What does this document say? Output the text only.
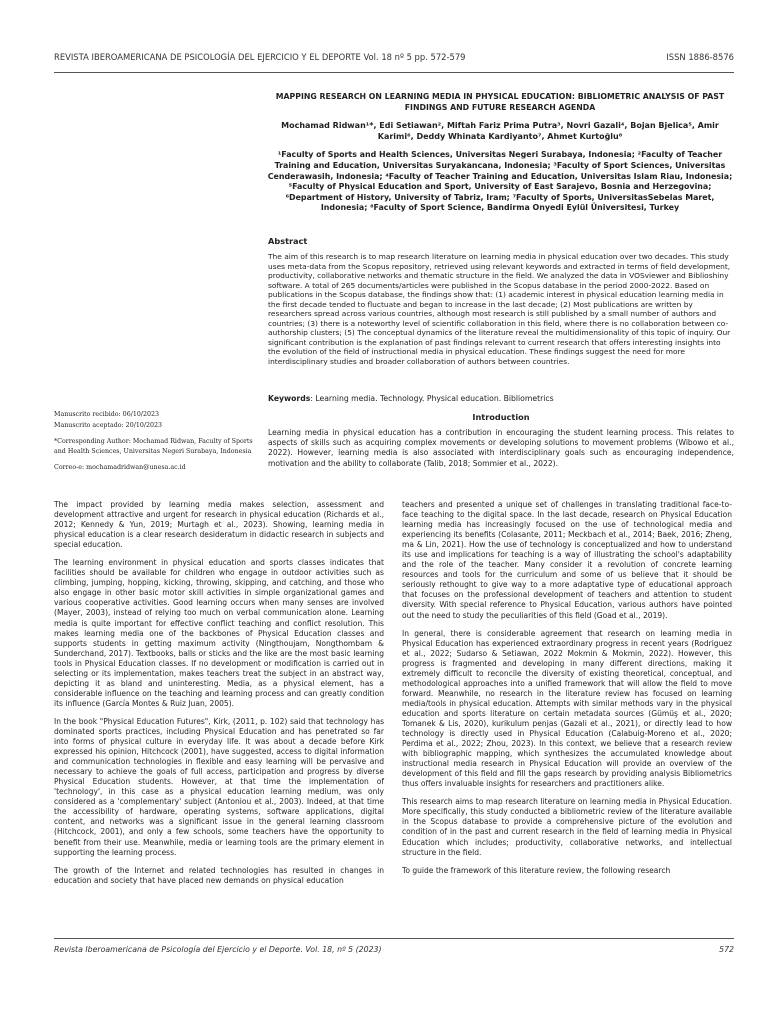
REVISTA IBEROAMERICANA DE PSICOLOGÍA DEL EJERCICIO Y EL DEPORTE Vol. 18 nº 5 pp. 572-579	ISSN 1886-8576

MAPPING RESEARCH ON LEARNING MEDIA IN PHYSICAL EDUCATION: BIBLIOMETRIC ANALYSIS OF PAST FINDINGS AND FUTURE RESEARCH AGENDA

Mochamad Ridwan¹*, Edi Setiawan², Miftah Fariz Prima Putra³, Novri Gazali⁴, Bojan Bjelica⁵, Amir Karimi⁶, Deddy Whinata Kardiyanto⁷, Ahmet Kurtoğlu⁸

¹Faculty of Sports and Health Sciences, Universitas Negeri Surabaya, Indonesia; ²Faculty of Teacher Training and Education, Universitas Suryakancana, Indonesia; ³Faculty of Sport Sciences, Universitas Cenderawasih, Indonesia; ⁴Faculty of Teacher Training and Education, Universitas Islam Riau, Indonesia; ⁵Faculty of Physical Education and Sport, University of East Sarajevo, Bosnia and Herzegovina; ⁶Department of History, University of Tabriz, Iram; ⁷Faculty of Sports, UniversitasSebelas Maret, Indonesia; ⁸Faculty of Sport Science, Bandirma Onyedi Eylül Üniversitesi, Turkey

Abstract

The aim of this research is to map research literature on learning media in physical education over two decades. This study uses meta-data from the Scopus repository, retrieved using relevant keywords and extracted in terms of field development, productivity, collaborative networks and thematic structure in the field. We analyzed the data in VOSviewer and Biblioshiny software. A total of 265 documents/articles were published in the Scopus database in the period 2000-2022. Based on publications in the Scopus database, the findings show that: (1) academic interest in physical education learning media in the first decade tended to fluctuate and began to increase in the last decade; (2) Most publications are written by researchers spread across various countries, although most research is still published by a small number of authors and countries; (3) there is a noteworthy level of scientific collaboration in this field, where there is no collaboration between co-authorship clusters; (5) The conceptual dynamics of the literature reveal the multidimensionality of this topic of inquiry. Our significant contribution is the explanation of past findings relevant to current research that offers interesting insights into the evolution of the field of instructional media in physical education. These findings suggest the need for more interdisciplinary studies and broader collaboration of authors between countries.

Keywords: Learning media. Technology. Physical education. Bibliometrics

Introduction

Learning media in physical education has a contribution in encouraging the student learning process. This relates to aspects of skills such as acquiring complex movements or developing solutions to movement problems (Wibowo et al., 2022). However, learning media is also associated with interdisciplinary goals such as encouraging independence, motivation and the ability to collaborate (Talib, 2018; Sommier et al., 2022).

Manuscrito recibido: 06/10/2023

Manuscrito aceptado: 20/10/2023

*Corresponding Author: Mochamad Ridwan, Faculty of Sports and Health Sciences, Universitas Negeri Surabaya, Indonesia

Correo-e: mochamadridwan@unesa.ac.id

The impact provided by learning media makes selection, assessment and development attractive and urgent for research in physical education (Richards et al., 2012; Kennedy & Yun, 2019; Murtagh et al., 2023). Showing, learning media in physical education is a clear research desideratum in didactic research in subjects and special education.

The learning environment in physical education and sports classes indicates that facilities should be available for children who engage in outdoor activities such as climbing, jumping, hopping, kicking, throwing, skipping, and catching, and those who also engage in other basic motor skill activities in simple organizational games and various cooperative activities. Good learning occurs when many senses are involved (Mayer, 2003), instead of relying too much on verbal communication alone. Learning media is quite important for effective conflict teaching and conflict resolution. This makes learning media one of the backbones of Physical Education classes and supports students in getting maximum activity (Ningthoujam, Nongthombam & Sunderchand, 2017). Textbooks, balls or sticks and the like are the most basic learning tools in Physical Education classes. If no development or modification is carried out in selecting or its implementation, makes teachers treat the subject in an abstract way, depicting it as bland and uninteresting. Media, as a physical element, has a considerable influence on the teaching and learning process and can greatly condition its influence (García Montes & Ruiz Juan, 2005).

In the book "Physical Education Futures", Kirk, (2011, p. 102) said that technology has dominated sports practices, including Physical Education and has penetrated so far into forms of physical culture in everyday life. It was about a decade before Kirk expressed his opinion, Hitchcock (2001), have suggested, access to digital information and communication technologies in flexible and easy learning will be pervasive and necessary to achieve the goals of full access, participation and progress by diverse Physical Education students. However, at that time the implementation of 'technology', in this case as a physical education learning medium, was only considered as a 'complementary' subject (Antoniou et al., 2003). Indeed, at that time the accessibility of hardware, operating systems, software applications, digital content, and networks was a significant issue in the general learning classroom (Hitchcock, 2001), and only a few schools, some teachers have the opportunity to benefit from their use. Meanwhile, media or learning tools are the primary element in supporting the learning process.

The growth of the Internet and related technologies has resulted in changes in education and society that have placed new demands on physical education

teachers and presented a unique set of challenges in translating traditional face-to-face teaching to the digital space. In the last decade, research on Physical Education learning media has increasingly focused on the use of technological media and experiencing its benefits (Colasante, 2011; Meckbach et al., 2014; Baek, 2016; Zheng, ma & Lin, 2021). How the use of technology is conceptualized and how to understand its use and implications for teaching is a way of illustrating the school's adaptability and the role of the teacher. Many consider it a revolution of concrete learning resources and tools for the curriculum and some of us believe that it should be seriously rethought to give way to a more adaptative type of educational approach that focuses on the professional development of teachers and attention to student diversity. With special reference to Physical Education, various authors have pointed out the need to study the peculiarities of this field (Goad et al., 2019).

In general, there is considerable agreement that research on learning media in Physical Education has experienced extraordinary progress in recent years (Rodriguez et al., 2022; Sudarso & Setiawan, 2022 Mokmin & Mokmin, 2022). However, this progress is fragmented and developing in many different directions, making it extremely difficult to reconcile the diversity of existing theoretical, conceptual, and methodological approaches into a unified framework that will allow the field to move forward. Meanwhile, no research in the literature review has focused on learning media/tools in physical education. Attempts with similar methods vary in the physical education and sports literature on certain metadata sources (Gümüş et al., 2020; Tomanek & Lis, 2020), kurikulum penjas (Gazali et al., 2021), or directly lead to how technology is directly used in Physical Education (Calabuig-Moreno et al., 2020; Perdima et al., 2022; Zhou, 2023). In this context, we believe that a research review with bibliographic mapping, which synthesizes the accumulated knowledge about instructional media research in Physical Education will provide an overview of the development of this field and fill the gaps research by providing analysis Bibliometrics thus offers invaluable insights for researchers and practitioners alike.

This research aims to map research literature on learning media in Physical Education. More specifically, this study conducted a bibliometric review of the literature available in the Scopus database to provide a comprehensive picture of the evolution and condition of in the past and current research in the field of learning media in Physical Education which includes; productivity, collaborative networks, and intellectual structure in the field.

To guide the framework of this literature review, the following research

Revista Iberoamericana de Psicología del Ejercicio y el Deporte. Vol. 18, nº 5 (2023)	572
